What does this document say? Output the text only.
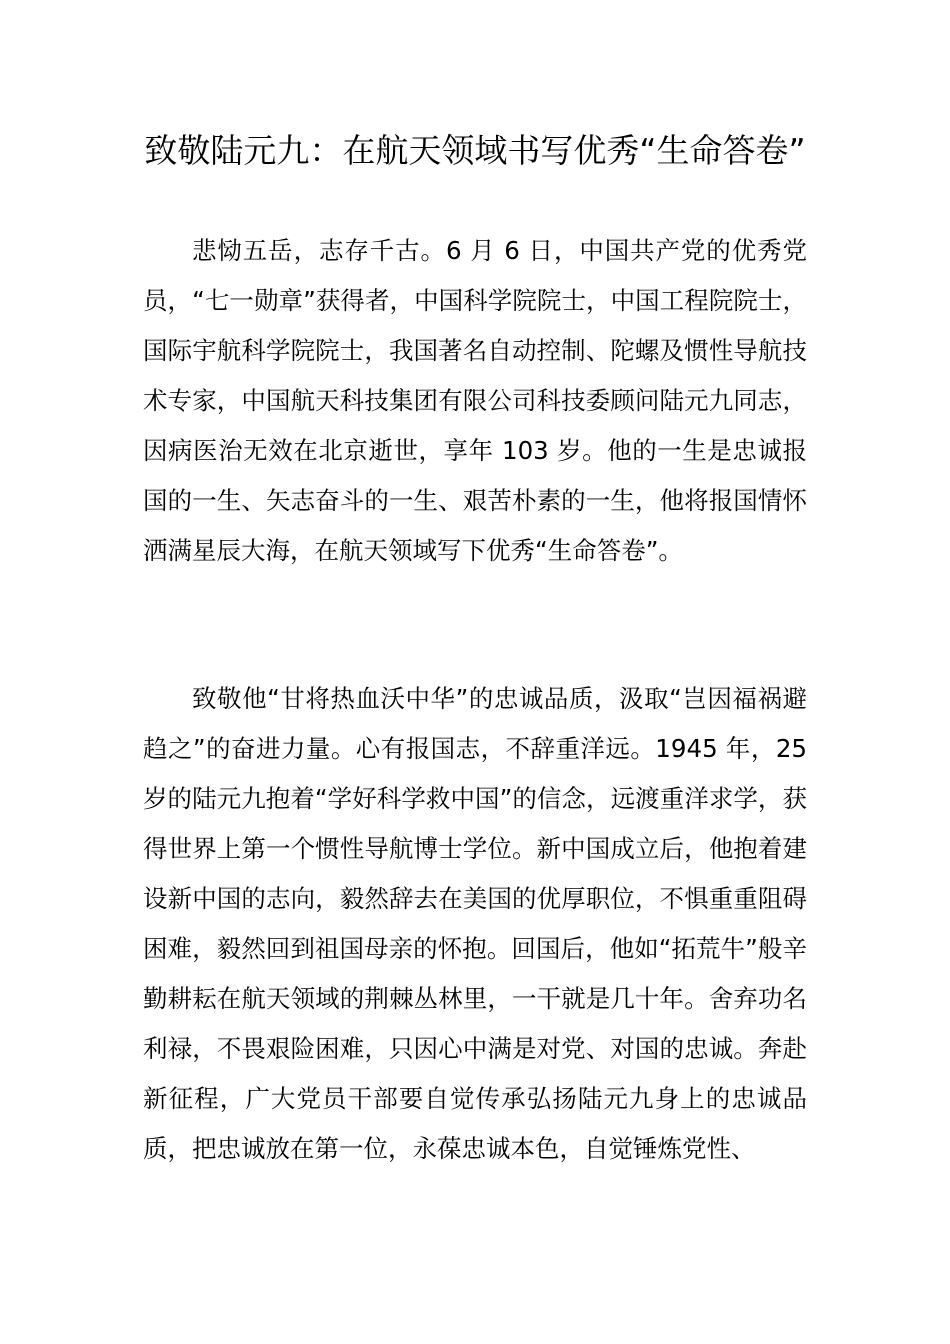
致敬陆元九：在航天领域书写优秀“生命答卷”

悲恸五岳，志存千古。6 月 6 日，中国共产党的优秀党员，“七一勋章”获得者，中国科学院院士，中国工程院院士，国际宇航科学院院士，我国著名自动控制、陀螺及惯性导航技术专家，中国航天科技集团有限公司科技委顾问陆元九同志，因病医治无效在北京逝世，享年 103 岁。他的一生是忠诚报国的一生、矢志奋斗的一生、艰苦朴素的一生，他将报国情怀洒满星辰大海，在航天领域写下优秀“生命答卷”。

致敬他“甘将热血沃中华”的忠诚品质，汲取“岂因福祸避趋之”的奋进力量。心有报国志，不辞重洋远。1945 年，25 岁的陆元九抱着“学好科学救中国”的信念，远渡重洋求学，获得世界上第一个惯性导航博士学位。新中国成立后，他抱着建设新中国的志向，毅然辞去在美国的优厚职位，不惧重重阻碍困难，毅然回到祖国母亲的怀抱。回国后，他如“拓荒牛”般辛勤耕耘在航天领域的荆棘丛林里，一干就是几十年。舍弃功名利禄，不畏艰险困难，只因心中满是对党、对国的忠诚。奔赴新征程，广大党员干部要自觉传承弘扬陆元九身上的忠诚品质，把忠诚放在第一位，永葆忠诚本色，自觉锤炼党性、
